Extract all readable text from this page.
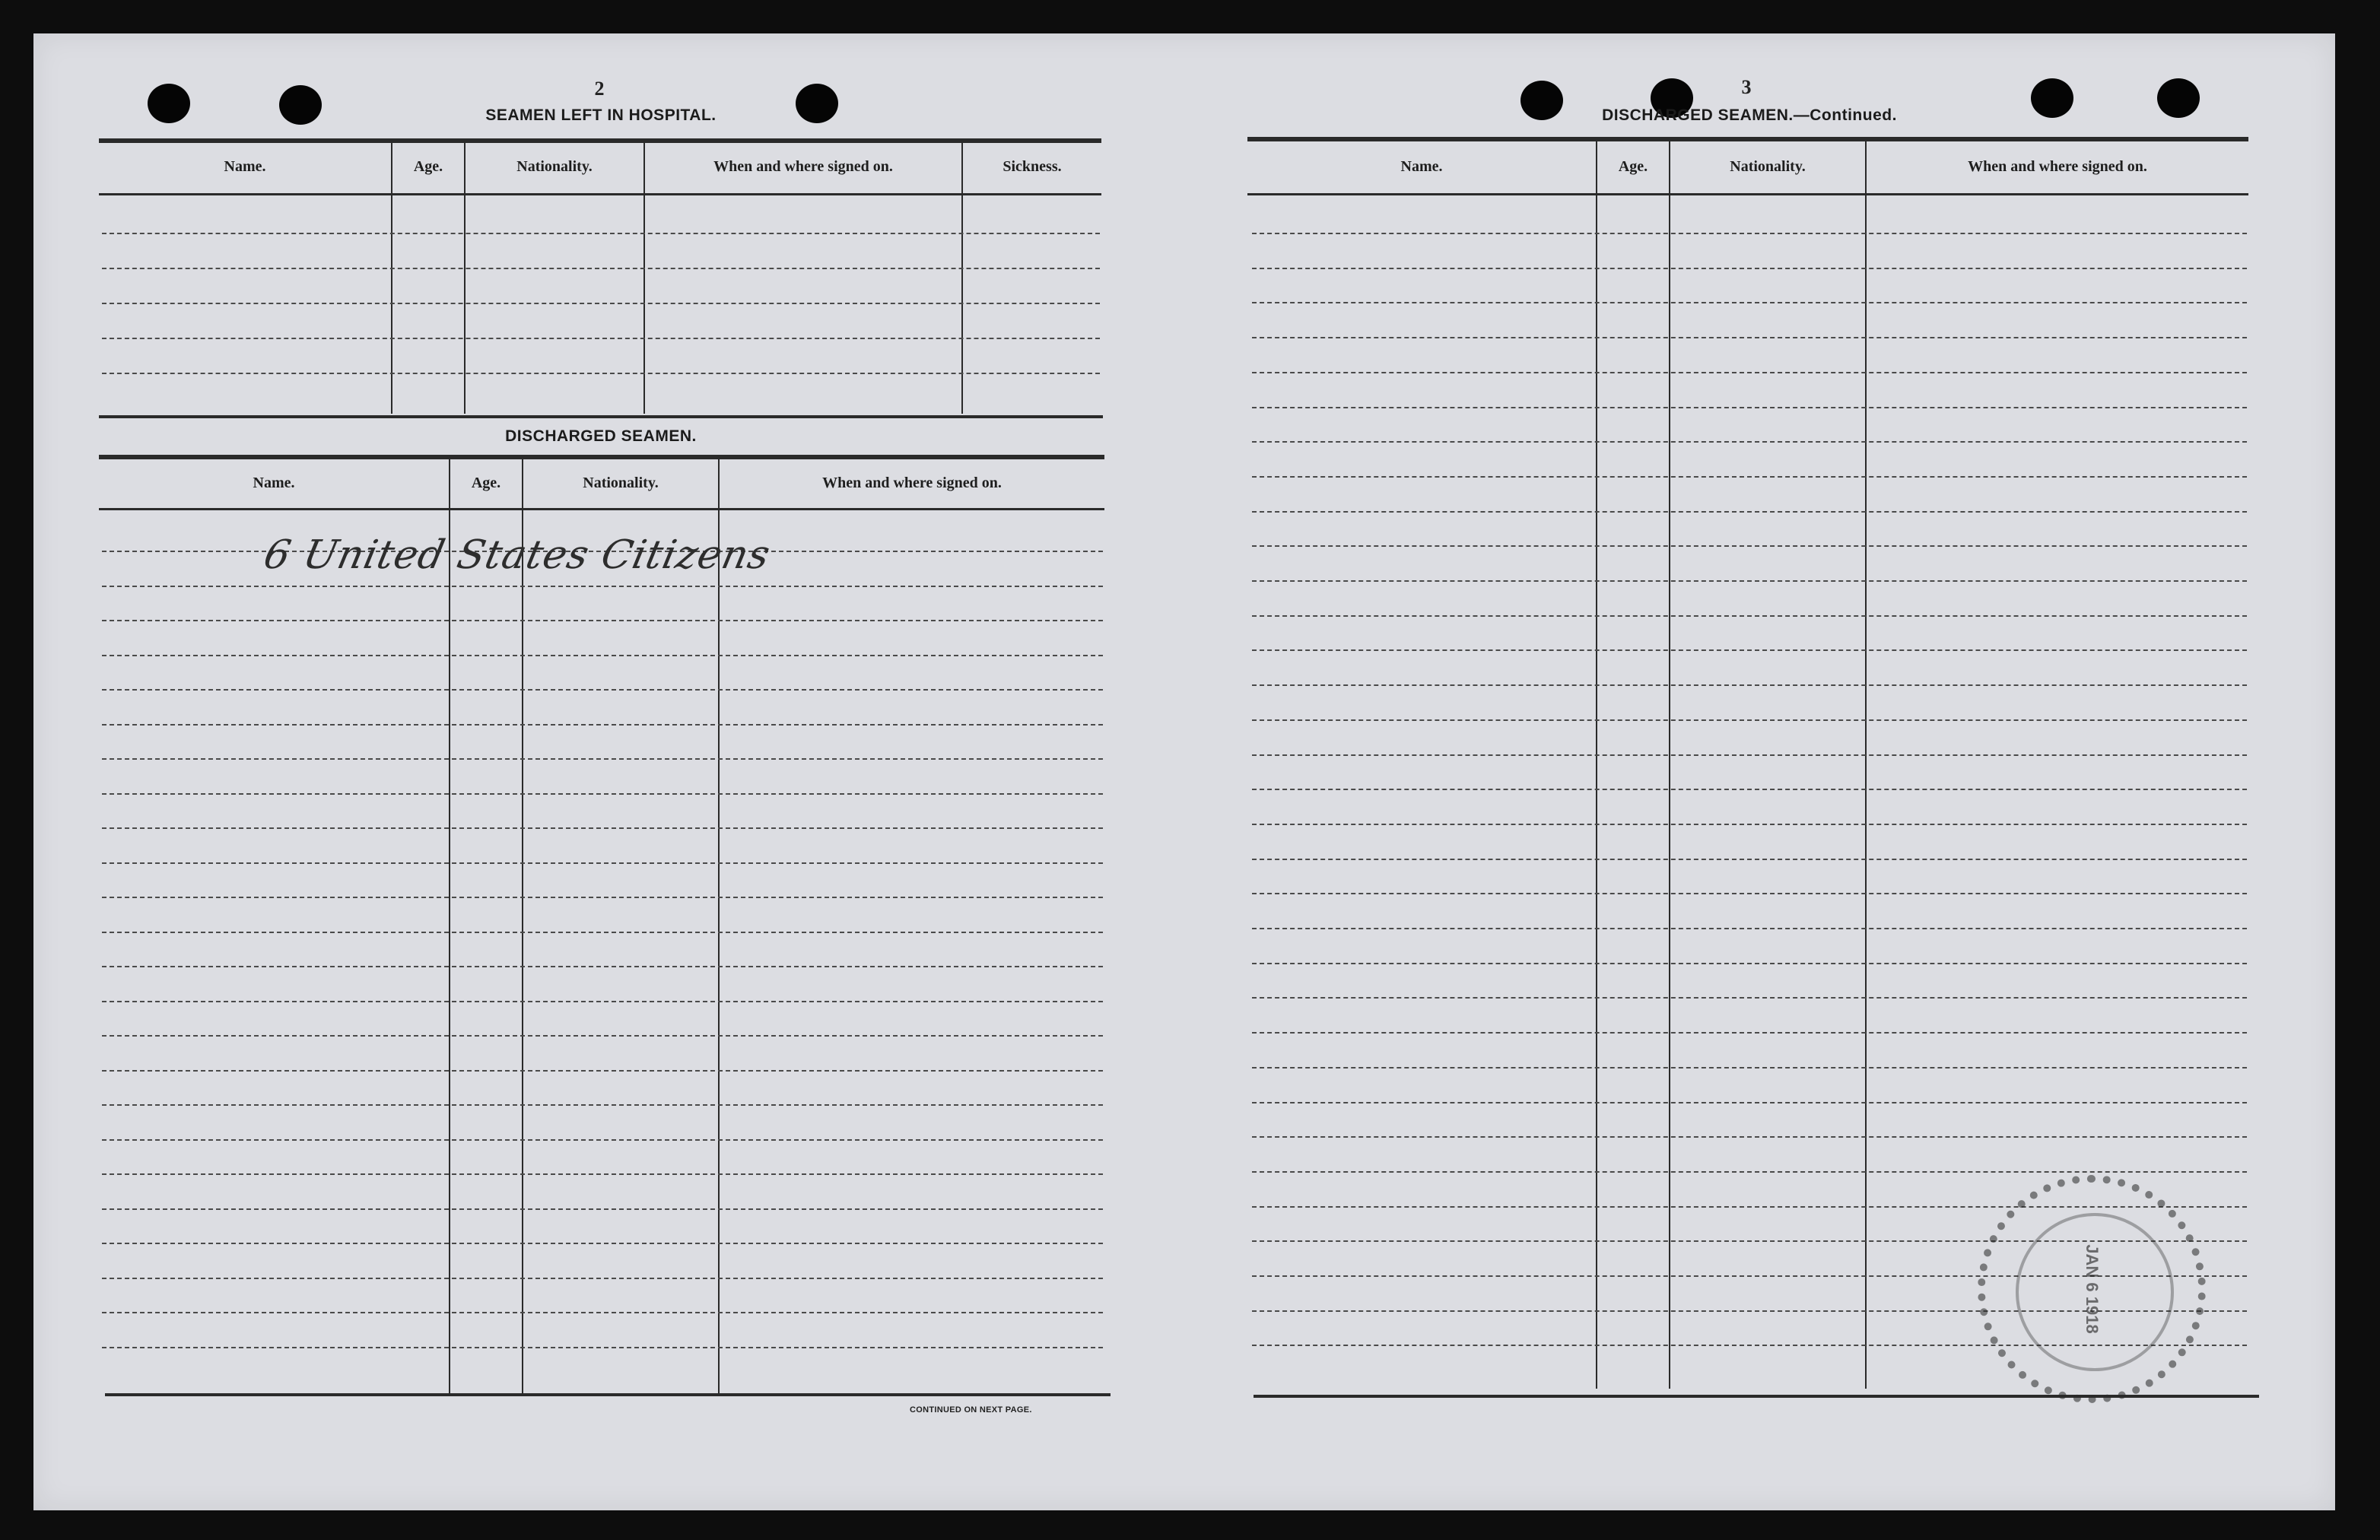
2
SEAMEN LEFT IN HOSPITAL.
Name.	Age.	Nationality.	When and where signed on.	Sickness.
DISCHARGED SEAMEN.
Name.	Age.	Nationality.	When and where signed on.
6 United States Citizens
CONTINUED ON NEXT PAGE.
3
DISCHARGED SEAMEN.—Continued.
Name.	Age.	Nationality.	When and where signed on.
JAN 6 1918
